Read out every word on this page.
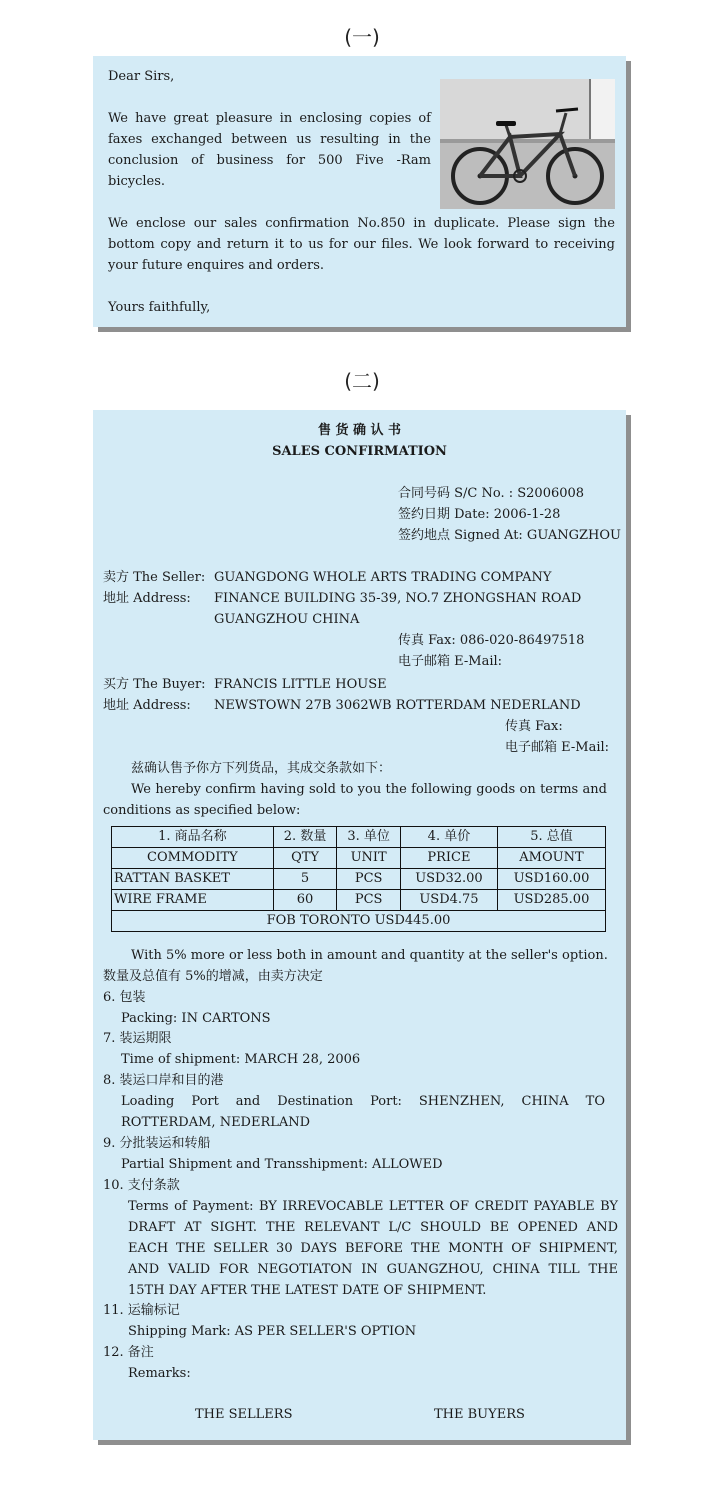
(一)
Dear Sirs,
We have great pleasure in enclosing copies of faxes exchanged between us resulting in the conclusion of business for 500 Five -Ram bicycles.
We enclose our sales confirmation No.850 in duplicate. Please sign the bottom copy and return it to us for our files. We look forward to receiving your future enquires and orders.
Yours faithfully,
(二)
售 货 确 认 书
SALES CONFIRMATION
合同号码 S/C No. : S2006008
签约日期 Date: 2006-1-28
签约地点 Signed At: GUANGZHOU
卖方 The Seller: GUANGDONG WHOLE ARTS TRADING COMPANY
地址 Address: FINANCE BUILDING 35-39, NO.7 ZHONGSHAN ROAD
GUANGZHOU CHINA
传真 Fax: 086-020-86497518
电子邮箱 E-Mail:
买方 The Buyer: FRANCIS LITTLE HOUSE
地址 Address: NEWSTOWN 27B 3062WB ROTTERDAM NEDERLAND
传真 Fax:
电子邮箱 E-Mail:
兹确认售予你方下列货品，其成交条款如下：
We hereby confirm having sold to you the following goods on terms and conditions as specified below:
1. 商品名称	2. 数量	3. 单位	4. 单价	5. 总值
COMMODITY	QTY	UNIT	PRICE	AMOUNT
RATTAN BASKET	5	PCS	USD32.00	USD160.00
WIRE FRAME	60	PCS	USD4.75	USD285.00
FOB TORONTO USD445.00				
With 5% more or less both in amount and quantity at the seller's option.
数量及总值有 5%的增减，由卖方决定
6. 包装
Packing: IN CARTONS
7. 装运期限
Time of shipment: MARCH 28, 2006
8. 装运口岸和目的港
Loading Port and Destination Port: SHENZHEN, CHINA TO ROTTERDAM, NEDERLAND
9. 分批装运和转船
Partial Shipment and Transshipment: ALLOWED
10. 支付条款
Terms of Payment: BY IRREVOCABLE LETTER OF CREDIT PAYABLE BY DRAFT AT SIGHT. THE RELEVANT L/C SHOULD BE OPENED AND EACH THE SELLER 30 DAYS BEFORE THE MONTH OF SHIPMENT, AND VALID FOR NEGOTIATON IN GUANGZHOU, CHINA TILL THE 15TH DAY AFTER THE LATEST DATE OF SHIPMENT.
11. 运输标记
Shipping Mark: AS PER SELLER'S OPTION
12. 备注
Remarks:
THE SELLERS	THE BUYERS
